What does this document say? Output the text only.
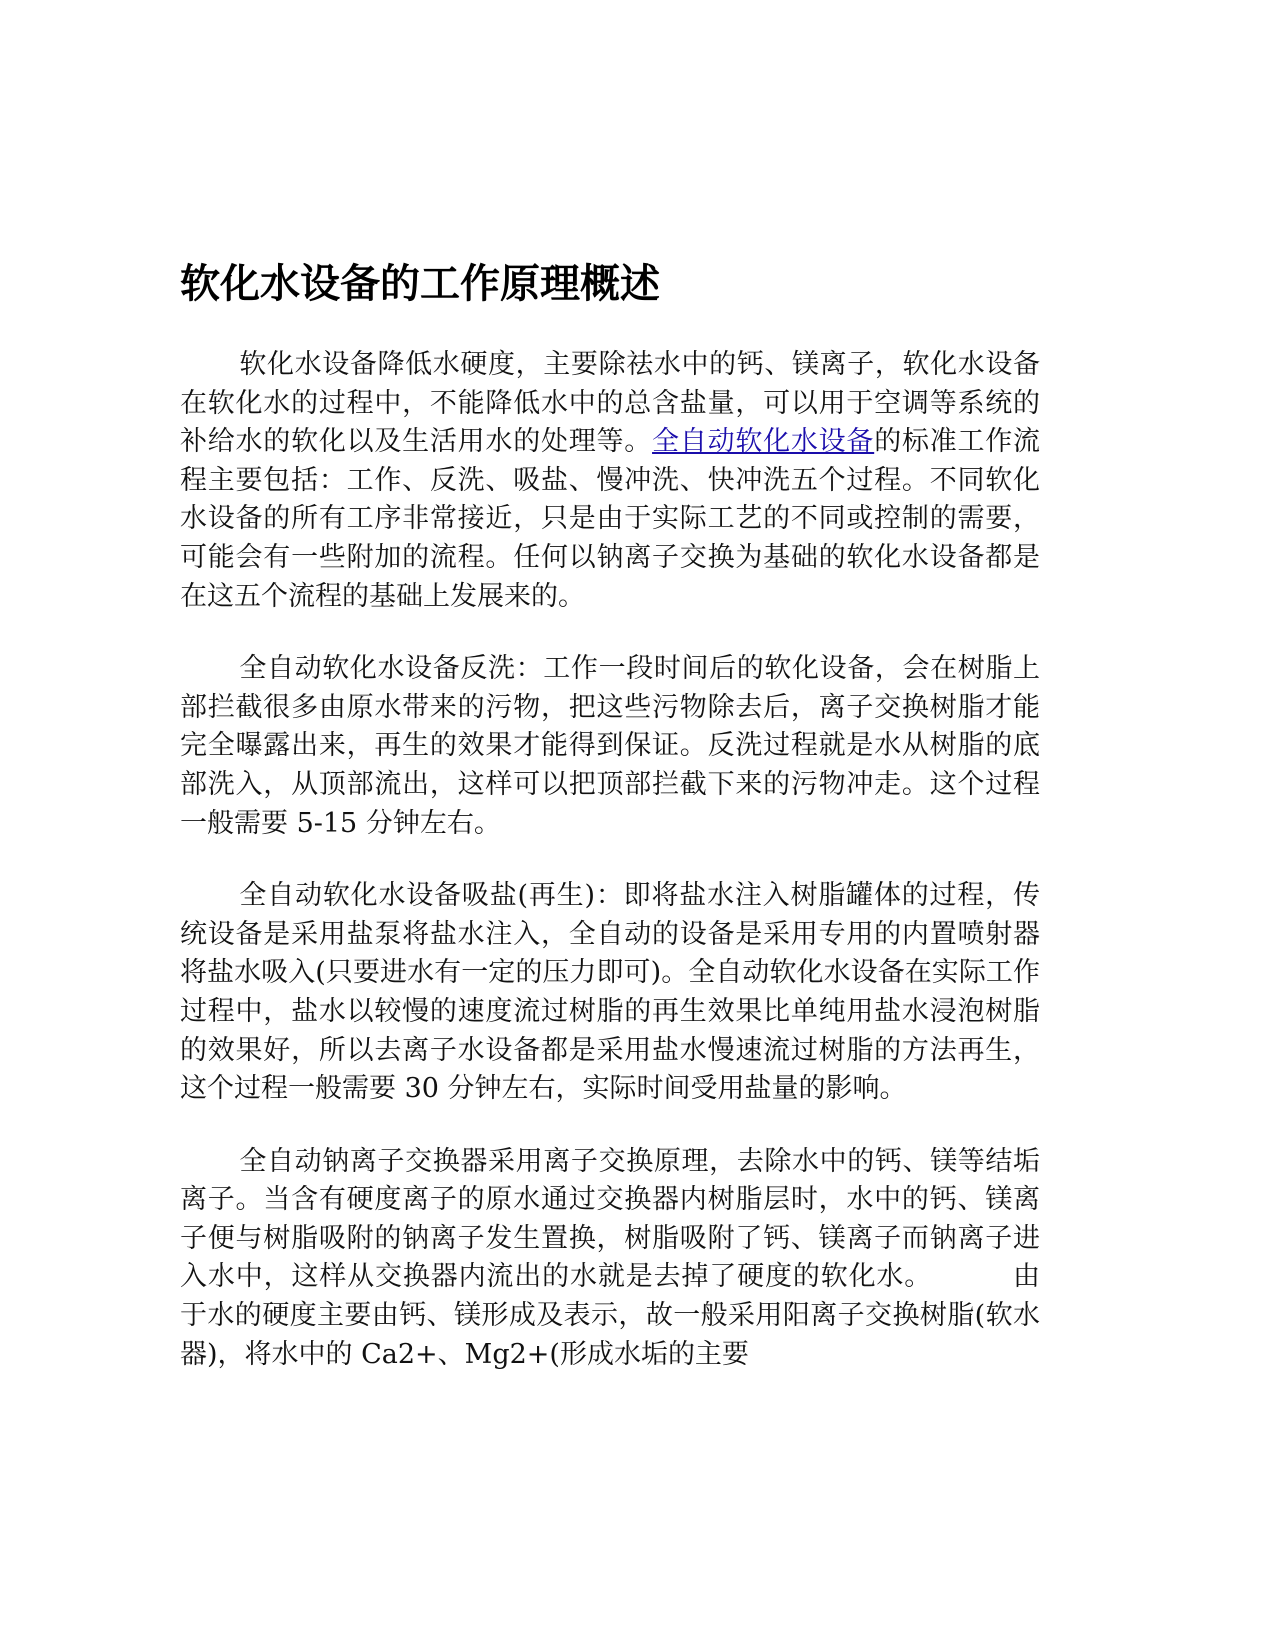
软化水设备的工作原理概述

软化水设备降低水硬度，主要除祛水中的钙、镁离子，软化水设备在软化水的过程中，不能降低水中的总含盐量，可以用于空调等系统的补给水的软化以及生活用水的处理等。全自动软化水设备的标准工作流程主要包括：工作、反洗、吸盐、慢冲洗、快冲洗五个过程。不同软化水设备的所有工序非常接近，只是由于实际工艺的不同或控制的需要，可能会有一些附加的流程。任何以钠离子交换为基础的软化水设备都是在这五个流程的基础上发展来的。

全自动软化水设备反洗：工作一段时间后的软化设备，会在树脂上部拦截很多由原水带来的污物，把这些污物除去后，离子交换树脂才能完全曝露出来，再生的效果才能得到保证。反洗过程就是水从树脂的底部洗入，从顶部流出，这样可以把顶部拦截下来的污物冲走。这个过程一般需要 5-15 分钟左右。

全自动软化水设备吸盐(再生)：即将盐水注入树脂罐体的过程，传统设备是采用盐泵将盐水注入，全自动的设备是采用专用的内置喷射器将盐水吸入(只要进水有一定的压力即可)。全自动软化水设备在实际工作过程中，盐水以较慢的速度流过树脂的再生效果比单纯用盐水浸泡树脂的效果好，所以去离子水设备都是采用盐水慢速流过树脂的方法再生，这个过程一般需要 30 分钟左右，实际时间受用盐量的影响。

全自动钠离子交换器采用离子交换原理，去除水中的钙、镁等结垢离子。当含有硬度离子的原水通过交换器内树脂层时，水中的钙、镁离子便与树脂吸附的钠离子发生置换，树脂吸附了钙、镁离子而钠离子进入水中，这样从交换器内流出的水就是去掉了硬度的软化水。	由于水的硬度主要由钙、镁形成及表示，故一般采用阳离子交换树脂(软水器)，将水中的 Ca2+、Mg2+(形成水垢的主要
